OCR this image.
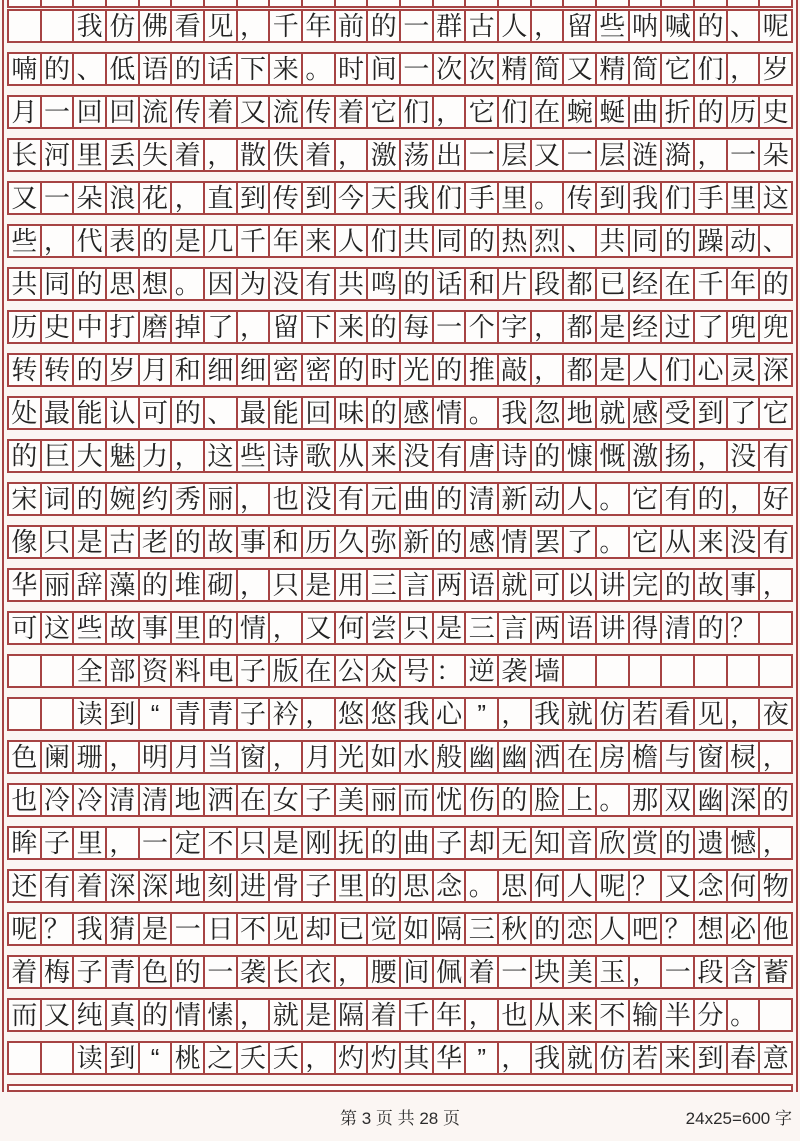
我 仿 佛 看 见 ， 千 年 前 的 一 群 古 人 ， 留 些 呐 喊 的 、 呢
喃 的 、 低 语 的 话 下 来 。 时 间 一 次 次 精 简 又 精 简 它 们 ， 岁
月 一 回 回 流 传 着 又 流 传 着 它 们 ， 它 们 在 蜿 蜒 曲 折 的 历 史
长 河 里 丢 失 着 ， 散 佚 着 ， 激 荡 出 一 层 又 一 层 涟 漪 ， 一 朵
又 一 朵 浪 花 ， 直 到 传 到 今 天 我 们 手 里 。 传 到 我 们 手 里 这
些 ， 代 表 的 是 几 千 年 来 人 们 共 同 的 热 烈 、 共 同 的 躁 动 、
共 同 的 思 想 。 因 为 没 有 共 鸣 的 话 和 片 段 都 已 经 在 千 年 的
历 史 中 打 磨 掉 了 ， 留 下 来 的 每 一 个 字 ， 都 是 经 过 了 兜 兜
转 转 的 岁 月 和 细 细 密 密 的 时 光 的 推 敲 ， 都 是 人 们 心 灵 深
处 最 能 认 可 的 、 最 能 回 味 的 感 情 。 我 忽 地 就 感 受 到 了 它
的 巨 大 魅 力 ， 这 些 诗 歌 从 来 没 有 唐 诗 的 慷 慨 激 扬 ， 没 有
宋 词 的 婉 约 秀 丽 ， 也 没 有 元 曲 的 清 新 动 人 。 它 有 的 ， 好
像 只 是 古 老 的 故 事 和 历 久 弥 新 的 感 情 罢 了 。 它 从 来 没 有
华 丽 辞 藻 的 堆 砌 ， 只 是 用 三 言 两 语 就 可 以 讲 完 的 故 事 ，
可 这 些 故 事 里 的 情 ， 又 何 尝 只 是 三 言 两 语 讲 得 清 的 ？
全 部 资 料 电 子 版 在 公 众 号 ： 逆 袭 墙
读 到 “ 青 青 子 衿 ， 悠 悠 我 心 ” ， 我 就 仿 若 看 见 ， 夜
色 阑 珊 ， 明 月 当 窗 ， 月 光 如 水 般 幽 幽 洒 在 房 檐 与 窗 棂 ，
也 冷 冷 清 清 地 洒 在 女 子 美 丽 而 忧 伤 的 脸 上 。 那 双 幽 深 的
眸 子 里 ， 一 定 不 只 是 刚 抚 的 曲 子 却 无 知 音 欣 赏 的 遗 憾 ，
还 有 着 深 深 地 刻 进 骨 子 里 的 思 念 。 思 何 人 呢 ？ 又 念 何 物
呢 ？ 我 猜 是 一 日 不 见 却 已 觉 如 隔 三 秋 的 恋 人 吧 ？ 想 必 他
着 梅 子 青 色 的 一 袭 长 衣 ， 腰 间 佩 着 一 块 美 玉 ， 一 段 含 蓄
而 又 纯 真 的 情 愫 ， 就 是 隔 着 千 年 ， 也 从 来 不 输 半 分 。
读 到 “ 桃 之 夭 夭 ， 灼 灼 其 华 ” ， 我 就 仿 若 来 到 春 意
第 3 页 共 28 页	24x25=600 字
